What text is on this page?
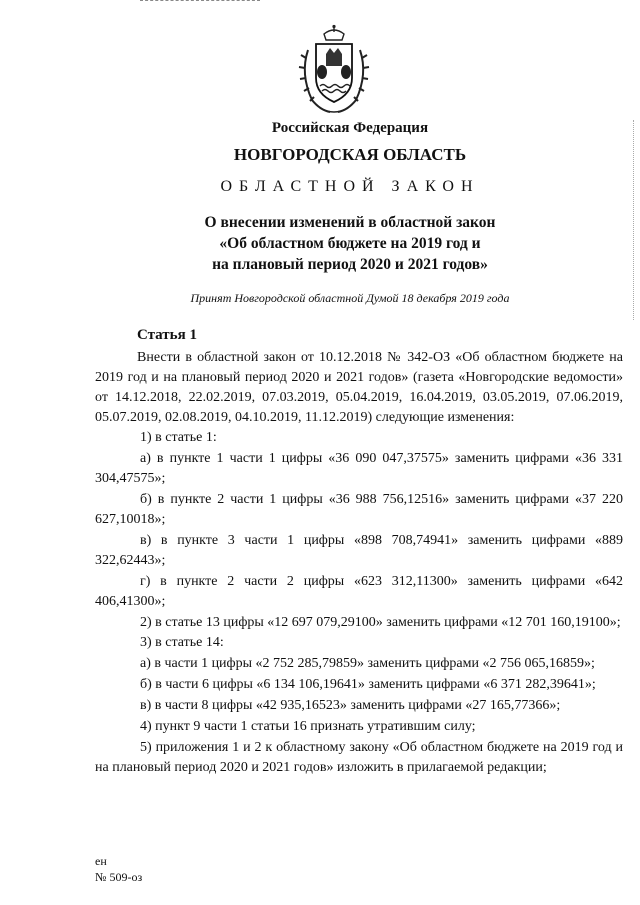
Российская Федерация
НОВГОРОДСКАЯ ОБЛАСТЬ
ОБЛАСТНОЙ ЗАКОН
О внесении изменений в областной закон
«Об областном бюджете на 2019 год и
на плановый период 2020 и 2021 годов»
Принят Новгородской областной Думой 18 декабря 2019 года
Статья 1

Внести в областной закон от 10.12.2018 № 342-ОЗ «Об областном бюджете на 2019 год и на плановый период 2020 и 2021 годов» (газета «Новгородские ведомости» от 14.12.2018, 22.02.2019, 07.03.2019, 05.04.2019, 16.04.2019, 03.05.2019, 07.06.2019, 05.07.2019, 02.08.2019, 04.10.2019, 11.12.2019) следующие изменения:

1) в статье 1:

а) в пункте 1 части 1 цифры «36 090 047,37575» заменить цифрами «36 331 304,47575»;

б) в пункте 2 части 1 цифры «36 988 756,12516» заменить цифрами «37 220 627,10018»;

в) в пункте 3 части 1 цифры «898 708,74941» заменить цифрами «889 322,62443»;

г) в пункте 2 части 2 цифры «623 312,11300» заменить цифрами «642 406,41300»;

2) в статье 13 цифры «12 697 079,29100» заменить цифрами «12 701 160,19100»;

3) в статье 14:

а) в части 1 цифры «2 752 285,79859» заменить цифрами «2 756 065,16859»;

б) в части 6 цифры «6 134 106,19641» заменить цифрами «6 371 282,39641»;

в) в части 8 цифры «42 935,16523» заменить цифрами «27 165,77366»;

4) пункт 9 части 1 статьи 16 признать утратившим силу;

5) приложения 1 и 2 к областному закону «Об областном бюджете на 2019 год и на плановый период 2020 и 2021 годов» изложить в прилагаемой редакции;

ен
№ 509-оз
